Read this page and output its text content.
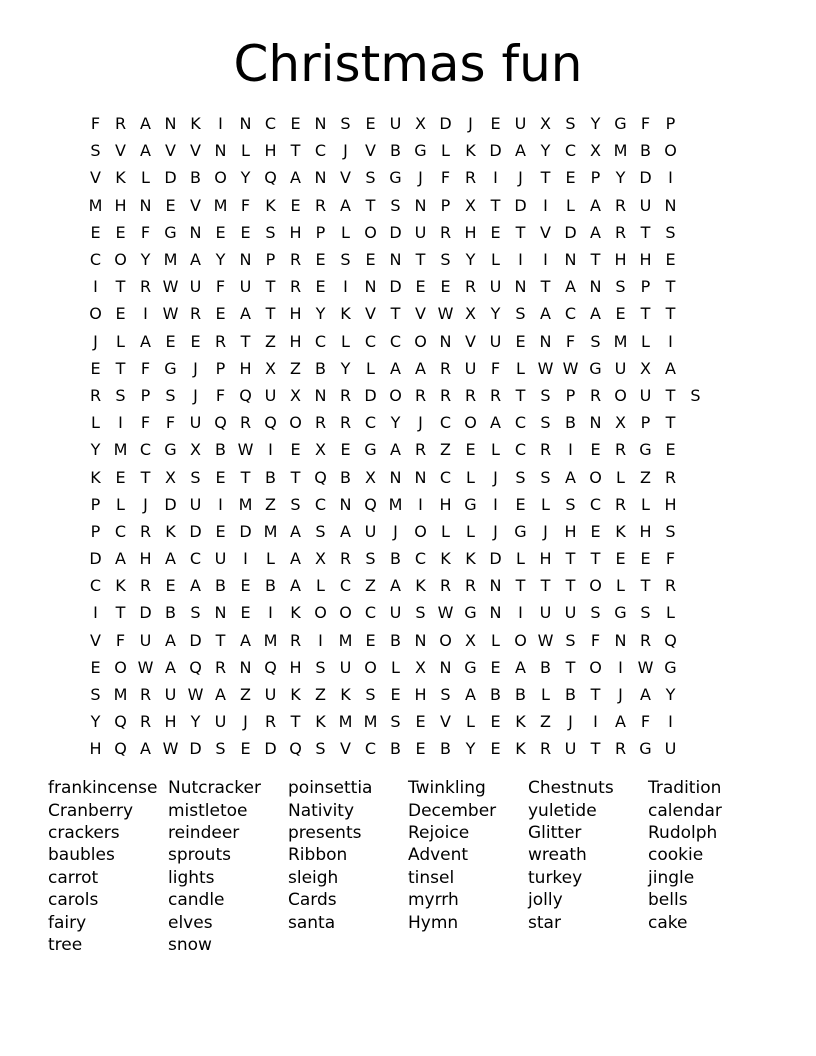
Christmas fun
F R A N K	I	N C E N S E U X D	J	E U X S Y G F P
S V A V V N L H T C	J	V B G L K D A Y C X M B O
V K L D B O Y Q A N V S G	J	F R	I	J	T E P Y D	I
M H N E V M F K E R A T S N P X T D	I	L A R U N
E E F G N E E S H P L O D U R H E T V D A R T S
C O Y M A Y N P R E S E N T S Y L	I	I	N T H H E
I	T R W U F U T R E	I	N D E E R U N T A N S P T
O E	I W R E A T H Y K V T V W X Y S A C A E T T
J	L A E E R T Z H C L C C O N V U E N F S M L	I
E T F G	J	P H X Z B Y L A A R U F L W W G U X A
R S P S	J	F Q U X N R D O R R R R T S P R O U T S
L	I	F F U Q R Q O R R C Y	J	C O A C S B N X P T
Y M C G X B W I	E X E G A R Z E L C R	I	E R G E
K E T X S E T B T Q B X N N C L	J	S S A O L Z R
P L	J	D U	I M Z S C N Q M I	H G	I	E L S C R L H
P C R K D E D M A S A U	J	O L	L	J	G	J	H E K H S
D A H A C U	I	L A X R S B C K K D L H T T E E F
C K R E A B E B A L C Z A K R R N T T T O L T R
I	T D B S N E	I	K O O C U S W G N	I	U U S G S L
V F U A D T A M R	I M E B N O X L O W S F N R Q
E O W A Q R N Q H S U O L X N G E A B T O	I W G
S M R U W A Z U K Z K S E H S A B B L B T	J	A Y
Y Q R H Y U	J	R T K M M S E V L E K Z	J	I	A F	I
H Q A W D S E D Q S V C B E B Y E K R U T R G U
frankincense Nutcracker	poinsettia	Twinkling	Chestnuts	Tradition
Cranberry	mistletoe	Nativity	December	yuletide	calendar
crackers	reindeer	presents	Rejoice	Glitter	Rudolph
baubles	sprouts	Ribbon	Advent	wreath	cookie
carrot	lights	sleigh	tinsel	turkey	jingle
carols	candle	Cards	myrrh	jolly	bells
fairy	elves	santa	Hymn	star	cake
tree	snow
